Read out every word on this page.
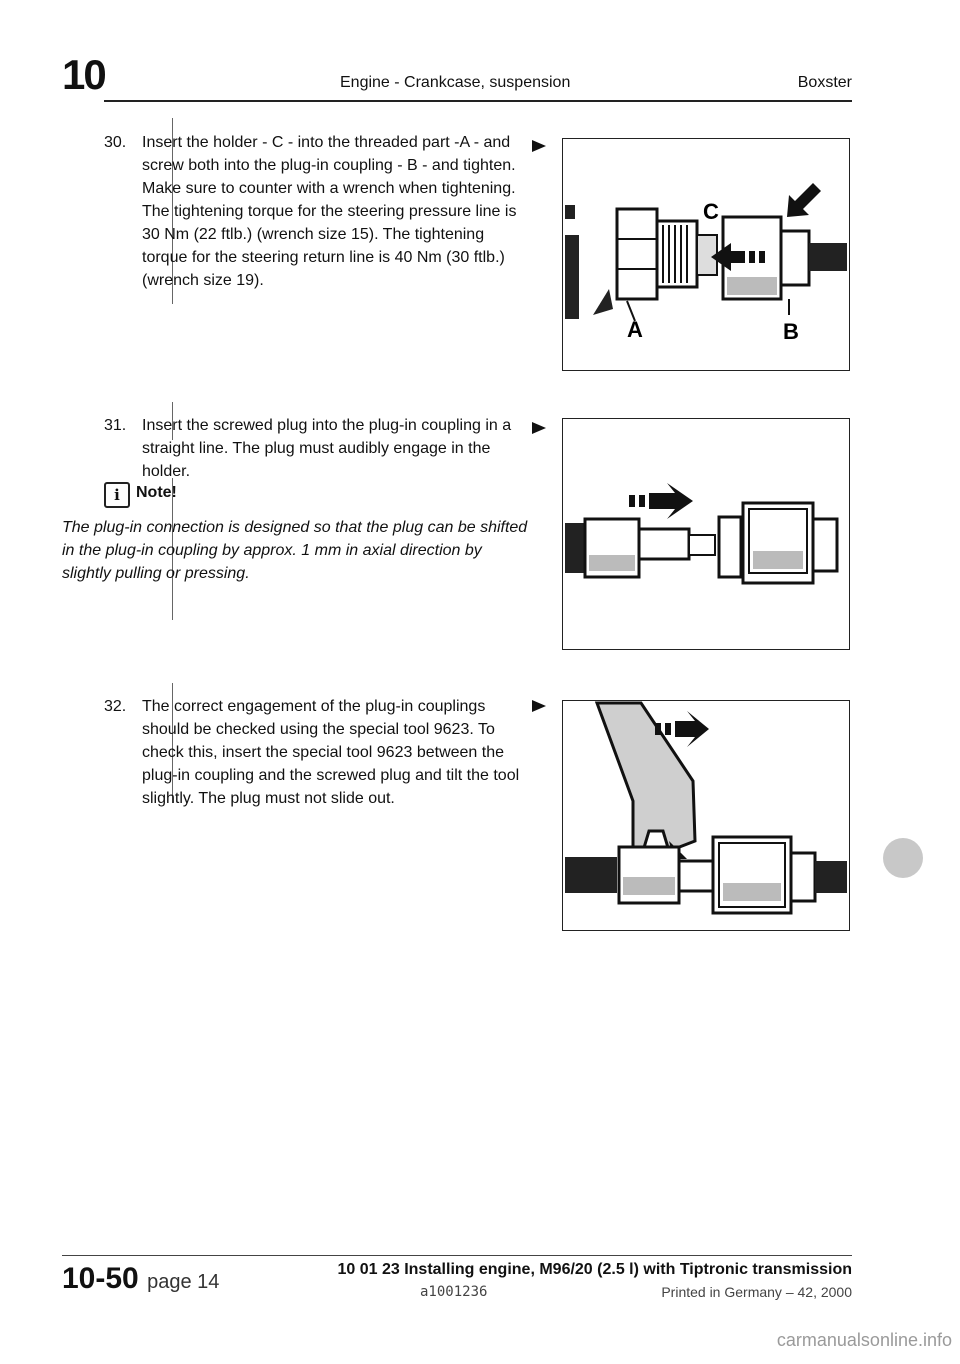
10	Engine - Crankcase, suspension	Boxster
30. Insert the holder - C - into the threaded part -A - and screw both into the plug-in coupling - B - and tighten. Make sure to counter with a wrench when tightening. The tightening torque for the steering pressure line is 30 Nm (22 ftlb.) (wrench size 15). The tightening torque for the steering return line is 40 Nm (30 ftlb.) (wrench size 19).
C
A	B
31. Insert the screwed plug into the plug-in coupling in a straight line. The plug must audibly engage in the holder.
i	Note!
The plug-in connection is designed so that the plug can be shifted in the plug-in coupling by approx. 1 mm in axial direction by slightly pulling or pressing.
32. The correct engagement of the plug-in couplings should be checked using the special tool 9623. To check this, insert the special tool 9623 between the plug-in coupling and the screwed plug and tilt the tool slightly. The plug must not slide out.
10-50 page 14
10 01 23 Installing engine, M96/20 (2.5 l) with Tiptronic transmission
a1001236	Printed in Germany – 42, 2000
carmanualsonline.info
